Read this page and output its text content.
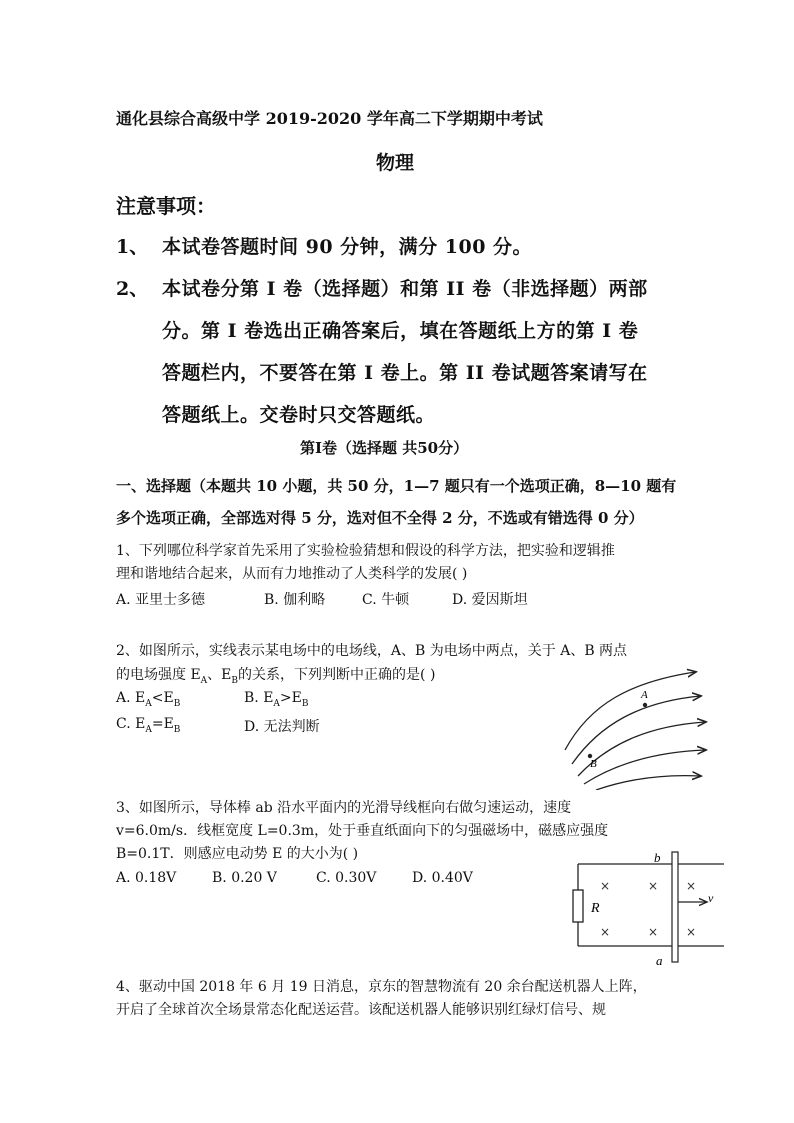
通化县综合高级中学 2019-2020 学年高二下学期期中考试
物理
注意事项：
1、 本试卷答题时间 90 分钟，满分 100 分。
2、 本试卷分第 I 卷（选择题）和第 II 卷（非选择题）两部
分。第 I 卷选出正确答案后，填在答题纸上方的第 I 卷
答题栏内，不要答在第 I 卷上。第 II 卷试题答案请写在
答题纸上。交卷时只交答题纸。
第Ⅰ卷（选择题 共50分）
一、选择题（本题共 10 小题，共 50 分，1—7 题只有一个选项正确，8—10 题有
多个选项正确，全部选对得 5 分，选对但不全得 2 分，不选或有错选得 0 分）
1、下列哪位科学家首先采用了实验检验猜想和假设的科学方法，把实验和逻辑推
理和谐地结合起来，从而有力地推动了人类科学的发展( )
A. 亚里士多德	B. 伽利略	C. 牛顿	D. 爱因斯坦
2、如图所示，实线表示某电场中的电场线，A、B 为电场中两点，关于 A、B 两点
的电场强度 $E_A$、$E_B$的关系，下列判断中正确的是( )
A. $E_A<E_B$	B. $E_A>E_B$
C. $E_A=E_B$	D. 无法判断
A
B
3、如图所示，导体棒 ab 沿水平面内的光滑导线框向右做匀速运动，速度
v=6.0m/s．线框宽度 L=0.3m，处于垂直纸面向下的匀强磁场中，磁感应强度
B=0.1T．则感应电动势 E 的大小为( )
A. 0.18V	B. 0.20 V	C. 0.30V	D. 0.40V
R
b
a
v
×	× ×
×	× ×
4、驱动中国 2018 年 6 月 19 日消息，京东的智慧物流有 20 余台配送机器人上阵，
开启了全球首次全场景常态化配送运营。该配送机器人能够识别红绿灯信号、规
